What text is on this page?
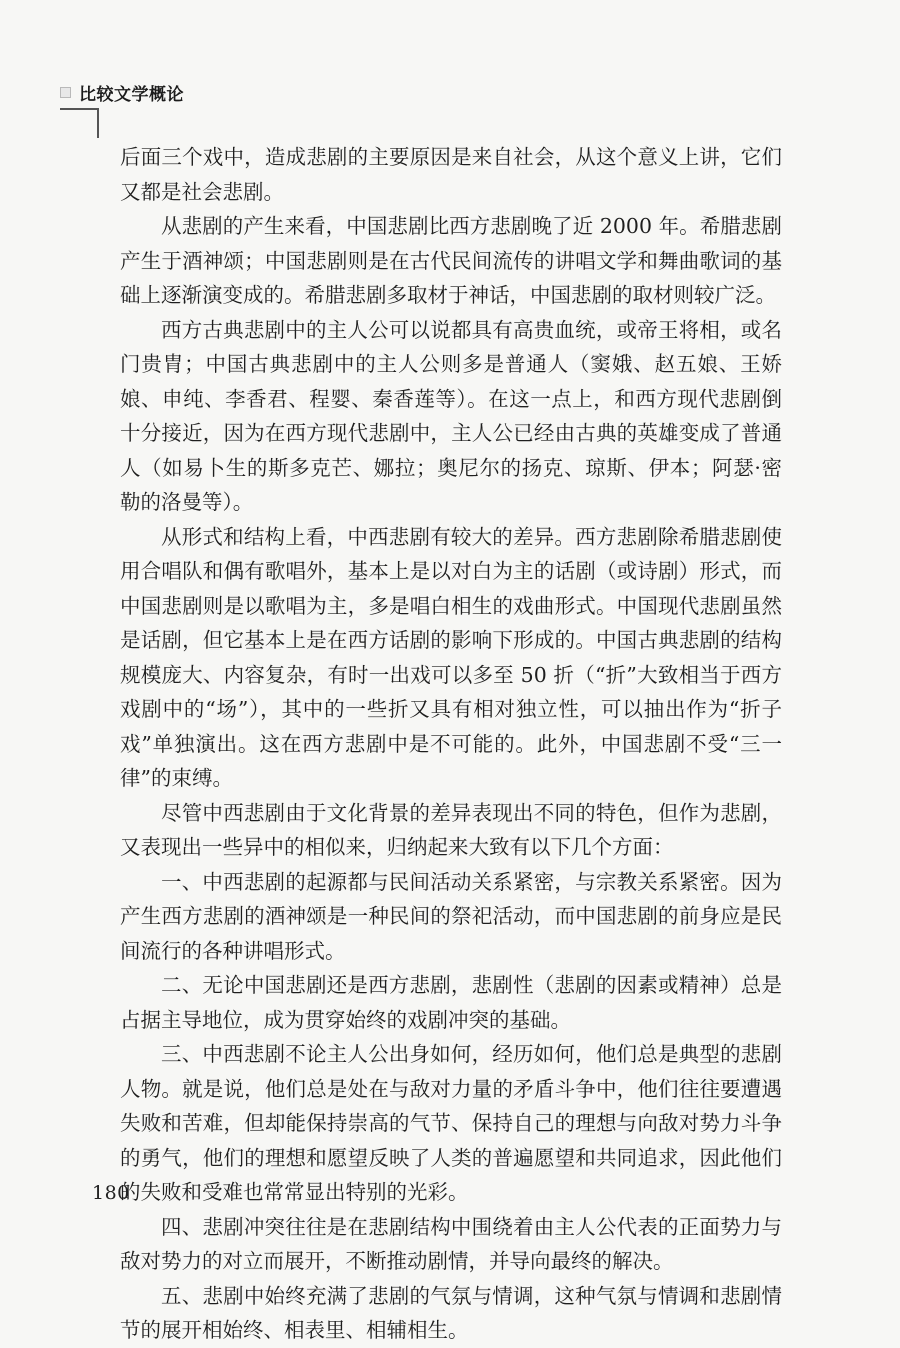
比较文学概论

后面三个戏中，造成悲剧的主要原因是来自社会，从这个意义上讲，它们又都是社会悲剧。

从悲剧的产生来看，中国悲剧比西方悲剧晚了近 2000 年。希腊悲剧产生于酒神颂；中国悲剧则是在古代民间流传的讲唱文学和舞曲歌词的基础上逐渐演变成的。希腊悲剧多取材于神话，中国悲剧的取材则较广泛。

西方古典悲剧中的主人公可以说都具有高贵血统，或帝王将相，或名门贵胄；中国古典悲剧中的主人公则多是普通人（窦娥、赵五娘、王娇娘、申纯、李香君、程婴、秦香莲等）。在这一点上，和西方现代悲剧倒十分接近，因为在西方现代悲剧中，主人公已经由古典的英雄变成了普通人（如易卜生的斯多克芒、娜拉；奥尼尔的扬克、琼斯、伊本；阿瑟·密勒的洛曼等）。

从形式和结构上看，中西悲剧有较大的差异。西方悲剧除希腊悲剧使用合唱队和偶有歌唱外，基本上是以对白为主的话剧（或诗剧）形式，而中国悲剧则是以歌唱为主，多是唱白相生的戏曲形式。中国现代悲剧虽然是话剧，但它基本上是在西方话剧的影响下形成的。中国古典悲剧的结构规模庞大、内容复杂，有时一出戏可以多至 50 折（“折”大致相当于西方戏剧中的“场”），其中的一些折又具有相对独立性，可以抽出作为“折子戏”单独演出。这在西方悲剧中是不可能的。此外，中国悲剧不受“三一律”的束缚。

尽管中西悲剧由于文化背景的差异表现出不同的特色，但作为悲剧，又表现出一些异中的相似来，归纳起来大致有以下几个方面：

一、中西悲剧的起源都与民间活动关系紧密，与宗教关系紧密。因为产生西方悲剧的酒神颂是一种民间的祭祀活动，而中国悲剧的前身应是民间流行的各种讲唱形式。

二、无论中国悲剧还是西方悲剧，悲剧性（悲剧的因素或精神）总是占据主导地位，成为贯穿始终的戏剧冲突的基础。

三、中西悲剧不论主人公出身如何，经历如何，他们总是典型的悲剧人物。就是说，他们总是处在与敌对力量的矛盾斗争中，他们往往要遭遇失败和苦难，但却能保持崇高的气节、保持自己的理想与向敌对势力斗争的勇气，他们的理想和愿望反映了人类的普遍愿望和共同追求，因此他们的失败和受难也常常显出特别的光彩。

四、悲剧冲突往往是在悲剧结构中围绕着由主人公代表的正面势力与敌对势力的对立而展开，不断推动剧情，并导向最终的解决。

五、悲剧中始终充满了悲剧的气氛与情调，这种气氛与情调和悲剧情节的展开相始终、相表里、相辅相生。

180
